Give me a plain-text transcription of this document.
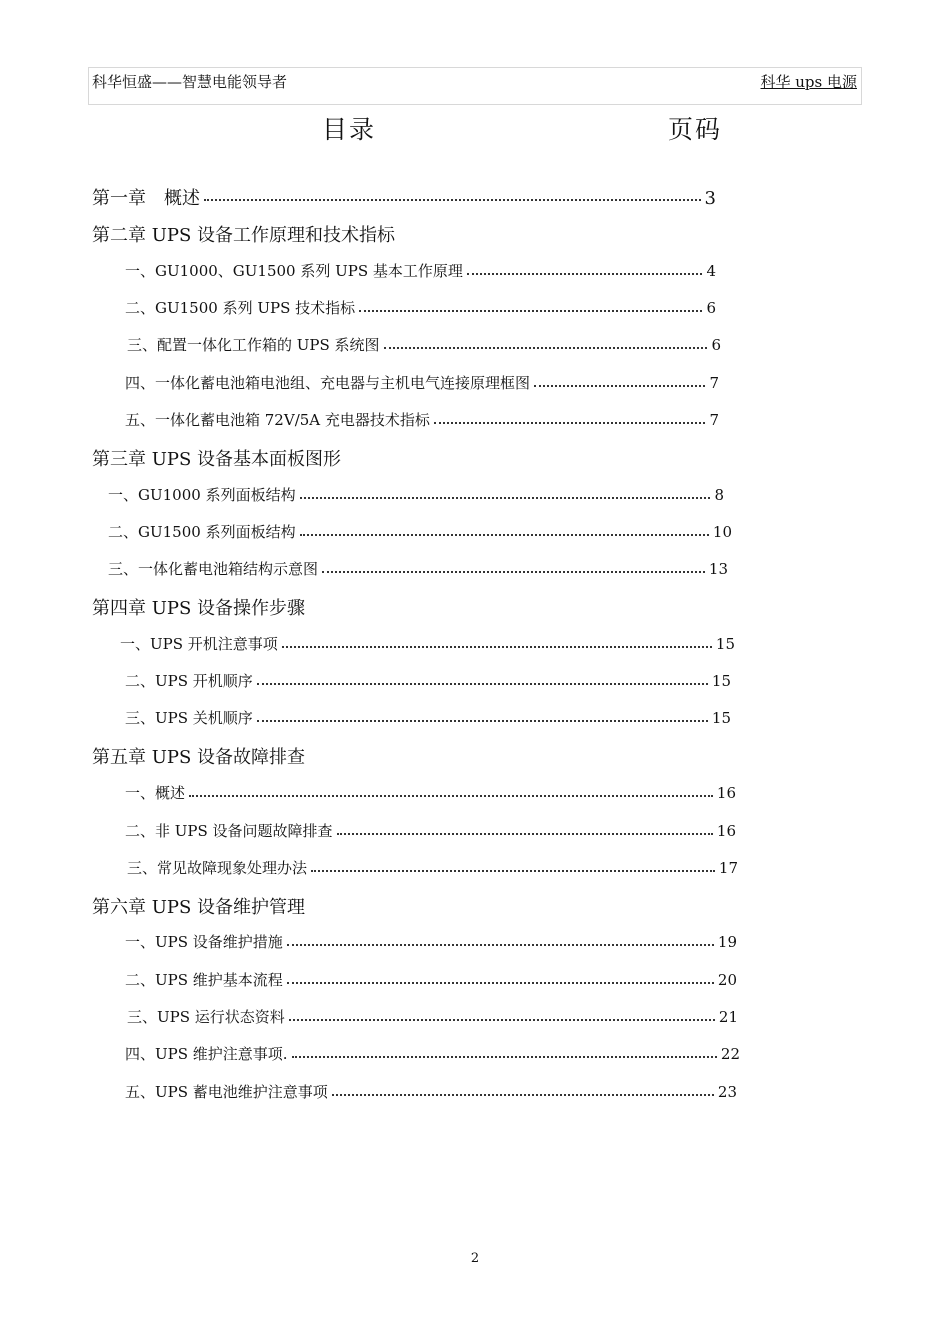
科华恒盛——智慧电能领导者	科华 ups 电源
目录	页码
第一章　概述	3
第二章 UPS 设备工作原理和技术指标
一、GU1000、GU1500 系列 UPS 基本工作原理	4
二、GU1500 系列 UPS 技术指标	6
三、配置一体化工作箱的 UPS 系统图	6
四、一体化蓄电池箱电池组、充电器与主机电气连接原理框图	7
五、一体化蓄电池箱 72V/5A 充电器技术指标	7
第三章 UPS 设备基本面板图形
一、GU1000 系列面板结构	8
二、GU1500 系列面板结构	10
三、一体化蓄电池箱结构示意图	13
第四章 UPS 设备操作步骤
一、UPS 开机注意事项	15
二、UPS 开机顺序	15
三、UPS 关机顺序	15
第五章 UPS 设备故障排查
一、概述	16
二、非 UPS 设备问题故障排查	16
三、常见故障现象处理办法	17
第六章 UPS 设备维护管理
一、UPS 设备维护措施	19
二、UPS 维护基本流程	20
三、UPS 运行状态资料	21
四、UPS 维护注意事项.	22
五、UPS 蓄电池维护注意事项	23
2
